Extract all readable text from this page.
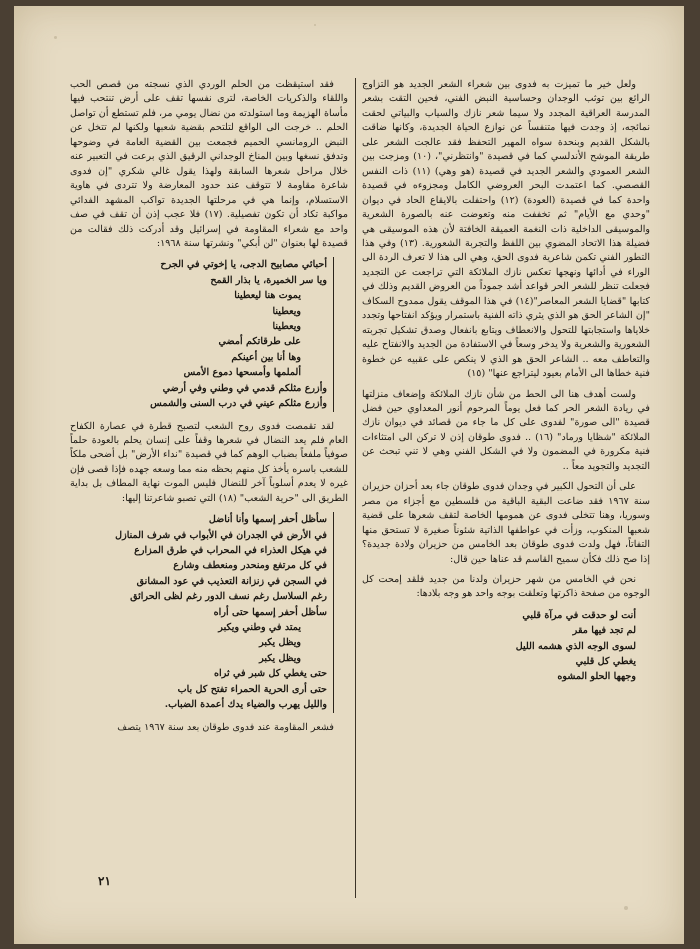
ولعل خير ما تميزت به فدوى بين شعراء الشعر الجديد هو التزاوج الرائع بين توثب الوجدان وحساسية النبض الفني، فحين التقت بشعر المدرسة العراقية المجدد ولا سيما شعر نازك والسياب والبياتي لحقت نمائجه، إذ وجدت فيها متنفساً عن نوازع الحياة الجديدة، وكانها ضاقت بالشكل القديم وبنحدة سواه المهير التحفظ فقد عالجت الشعر على طريقة الموشح الأندلسي كما في قصيدة "وانتظرني"، (١٠) ومزجت بين الشعر العمودي والشعر الجديد في قصيدة (هو وهي) (١١) ذات النفس القصصي. كما اعتمدت البحر العروضي الكامل ومجزوءه في قصيدة واحدة كما في قصيدة (العودة) (١٢) واحتفلت بالايقاع الحاد في ديوان "وحدي مع الأيام" ثم تخففت منه وتعوضت عنه بالصورة الشعرية والموسيقى الداخلية ذات النغمة العميقة الخافتة لأن هذه الموسيقى هي فضيلة هذا الاتحاد المضوي بين اللفظ والتجربة الشعورية. (١٣) وفي هذا التطور الفني تكمن شاعرية فدوى الحق، وهي الى هذا لا تعرف الردة الى الوراء في أدائها ونهجها تعكس نازك الملائكة التي تراجعت عن التجديد فجعلت تنظر للشعر الحر قواعد أشد جموداً من العروض القديم وذلك في كتابها "قضايا الشعر المعاصر"(١٤) في هذا الموقف يقول ممدوح السكاف "إن الشاعر الحق هو الذي يثري ذاته الفنية باستمرار ويؤكد انفتاحها وتجدد خلاياها واستجابتها للتحول والانعطاف ويتابع بانفعال وصدق تشكيل تجربته الشعورية والشعرية ولا يدخر وسعاً في الاستفادة من الجديد والانفتاح عليه والتعاطف معه .. الشاعر الحق هو الذي لا ينكص على عقبيه عن خطوة فنية خطاها الى الأمام بعيود ليتراجع عنها" (١٥)

ولست أهدف هنا الى الحط من شأن نازك الملائكة وإضعاف منزلتها في ريادة الشعر الحر كما فعل يوماً المرحوم أنور المعداوي حين فضل قصيدة "الى صورة" لفدوى على كل ما جاء من قصائد في ديوان نازك الملائكة "شظايا ورماد" (١٦) .. فدوى طوقان إذن لا تركن الى امتثاءات فنية مكرورة في المضمون ولا في الشكل الفني وهي لا تني تبحث عن التجديد والتجويد معاً ..

على أن التحول الكبير في وجدان فدوى طوقان جاء بعد أحزان حزيران سنة ١٩٦٧ فقد ضاعت البقية الباقية من فلسطين مع أجزاء من مصر وسوريا، وهنا تتخلى فدوى عن همومها الخاصة لتقف شعرها على قضية شعبها المنكوب، وزأت في عواطفها الذاتية شئوناً صغيرة لا تستحق منها التفاتاً، فهل ولدت فدوى طوقان بعد الخامس من حزيران ولادة جديدة؟ إذا صح ذلك فكأن سميح القاسم قد عناها حين قال:

نحن في الخامس من شهر حزيران ولدنا من جديد فلقد إمحت كل الوجوه من صفحة ذاكرتها وتعلقت بوجه واحد هو وجه بلادها:

أنت لو حدقت في مرآة قلبي
لم تجد فيها مقر
لسوى الوجه الذي هشمه الليل
يغطي كل قلبي
وجهها الحلو المشوه

فقد استيقظت من الحلم الوردي الذي نسجته من قصص الحب واللقاء والذكريات الخاصة، لترى نفسها تقف على أرض تنتحب فيها مأساة الهزيمة وما استولدته من نضال يومي مر، فلم تستطع أن تواصل الحلم .. خرجت الى الواقع لتلتحم بقضية شعبها ولكنها لم تتخل عن النبض الرومانسي الحميم فجمعت بين القضية العامة في وضوحها وتدفق نسغها وبين المناخ الوجداني الرقيق الذي برعت في التعبير عنه خلال مراحل شعرها السابقة ولهذا يقول غالي شكري "إن فدوى شاعرة مقاومة لا تتوقف عند حدود المعارضة ولا تتردى في هاوية الاستسلام، وإنما هي في مرحلتها الجديدة تواكب المشهد الفدائي مواكبة تكاد أن تكون تفصيلية. (١٧) فلا عجب إذن أن تقف في صف واحد مع شعراء المقاومة في إسرائيل وقد أدركت ذلك فقالت من قصيدة لها بعنوان "لن أبكي" ونشرتها سنة ١٩٦٨:

أحبائي مصابيح الدجى، يا إخوتي في الجرح
ويا سر الخميرة، يا بذار القمح
يموت هنا ليعطينا
ويعطينا
ويعطينا
على طرقاتكم أمضي
وها أنا بين أعينكم
ألملمها وأمسحها دموع الأمس
وأزرع مثلكم قدمي في وطني وفي أرضي
وأزرع مثلكم عيني في درب السنى والشمس

لقد تقمصت فدوى روح الشعب لتصبح قطرة في عصارة الكفاح العام فلم يعد النضال في شعرها وقفاً على إنسان يحلم بالعودة حلماً صوفياً ملفعاً بضباب الوهم كما في قصيدة "نداء الأرض" بل أضحى ملكاً للشعب باسره يأخذ كل منهم بحظه منه مما وسعه جهده فإذا قصى فإن غيره لا يعدم أسلوباً آخر للنضال فليس الموت نهاية المطاف بل بداية الطريق الى "حرية الشعب" (١٨) التي تصبو شاعرتنا إليها:

سأظل أحفر إسمها وأنا أناضل
في الأرض في الجدران في الأبواب في شرف المنازل
في هيكل العذراء في المحراب في طرق المزارع
في كل مرتفع ومنحدر ومنعطف وشارع
في السجن في زنزانة التعذيب في عود المشانق
رغم السلاسل رغم نسف الدور رغم لظى الحرائق
سأظل أحفر إسمها حتى أراه
يمتد في وطني ويكبر
ويظل يكبر
ويظل يكبر
حتى يغطي كل شبر في ثراه
حتى أرى الحرية الحمراء تفتح كل باب
والليل يهرب والضياء يدك أعمدة الضباب.

فشعر المقاومة عند فدوى طوقان بعد سنة ١٩٦٧ يتصف

٢١
